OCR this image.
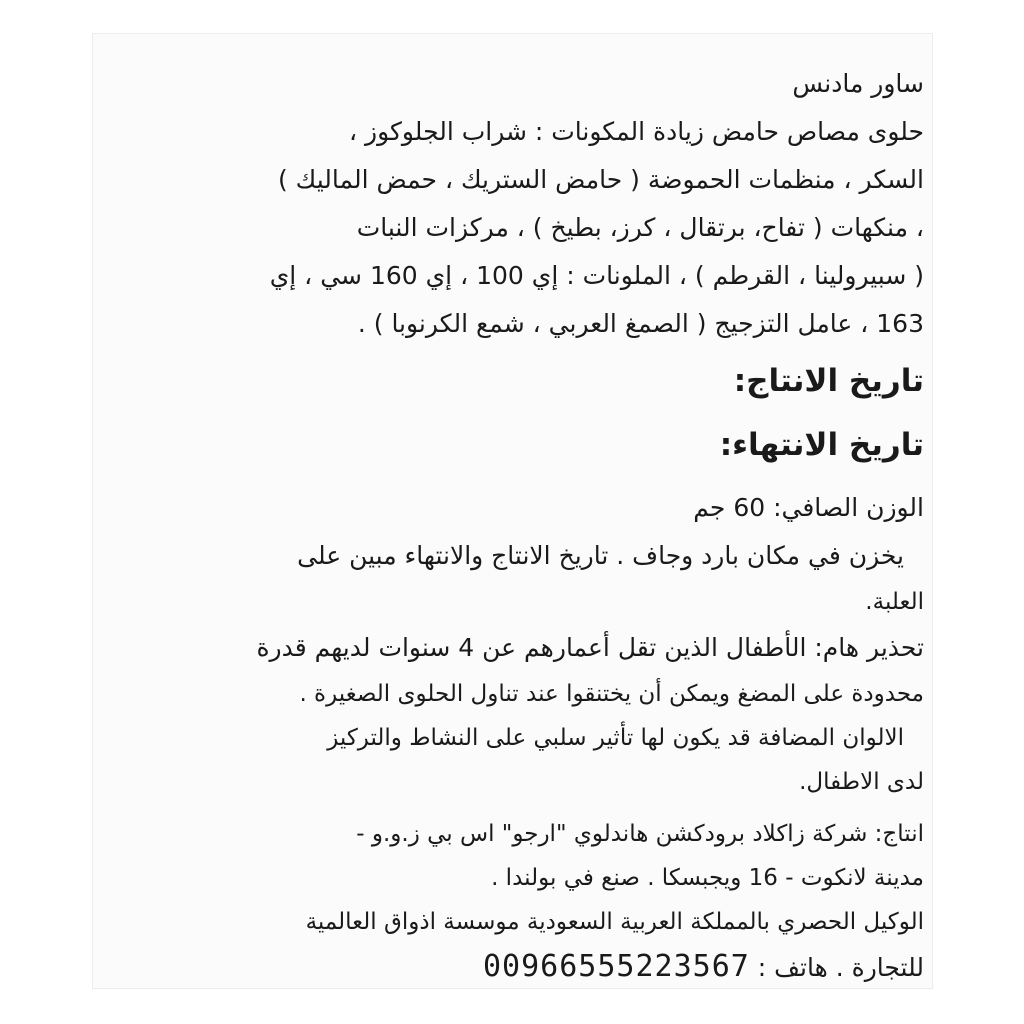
ساور مادنس

حلوى مصاص حامض زيادة المكونات : شراب الجلوكوز ،

السكر ، منظمات الحموضة ( حامض الستريك ، حمض الماليك )

، منكهات ( تفاح، برتقال ، كرز، بطيخ ) ، مركزات النبات

( سبيرولينا ، القرطم ) ، الملونات : إي 100 ، إي 160 سي ، إي

163 ، عامل التزجيج ( الصمغ العربي ، شمع الكرنوبا ) .

تاريخ الانتاج:

تاريخ الانتهاء:

الوزن الصافي: 60 جم

يخزن في مكان بارد وجاف . تاريخ الانتاج والانتهاء مبين على

العلبة.

تحذير هام: الأطفال الذين تقل أعمارهم عن 4 سنوات لديهم قدرة

محدودة على المضغ ويمكن أن يختنقوا عند تناول الحلوى الصغيرة .

الالوان المضافة قد يكون لها تأثير سلبي على النشاط والتركيز

لدى الاطفال.

انتاج: شركة زاكلاد برودكشن هاندلوي "ارجو" اس بي ز.و.و -

مدينة لانكوت - 16 ويجبسكا . صنع في بولندا .

الوكيل الحصري بالمملكة العربية السعودية موسسة اذواق العالمية

للتجارة . هاتف : 00966555223567
